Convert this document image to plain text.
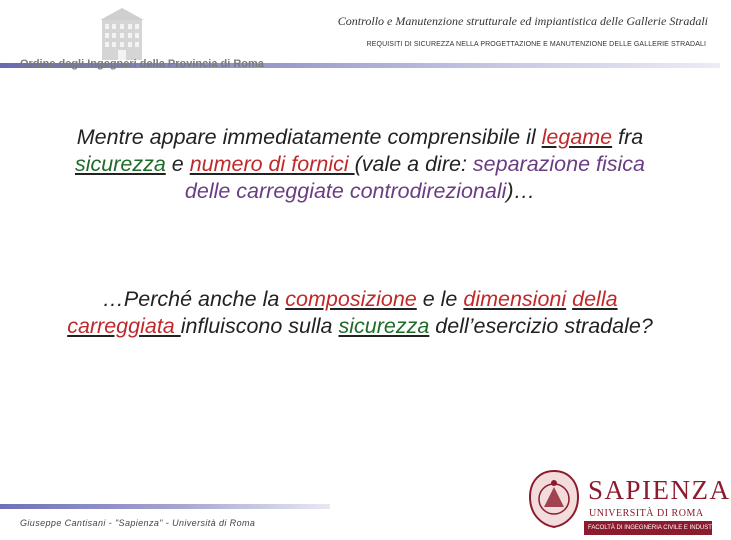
Controllo e Manutenzione strutturale ed impiantistica delle Gallerie Stradali
REQUISITI DI SICUREZZA NELLA PROGETTAZIONE E MANUTENZIONE DELLE GALLERIE STRADALI
Ordine degli Ingegneri della Provincia di Roma
Mentre appare immediatamente comprensibile il legame fra sicurezza e numero di fornici (vale a dire: separazione fisica delle carreggiate controdirezionali)…
…Perché anche la composizione e le dimensioni della carreggiata influiscono sulla sicurezza dell’esercizio stradale?
Giuseppe Cantisani - "Sapienza" - Università di Roma
SAPIENZA
UNIVERSITÀ DI ROMA
FACOLTÀ DI INGEGNERIA CIVILE E INDUSTRIALE
